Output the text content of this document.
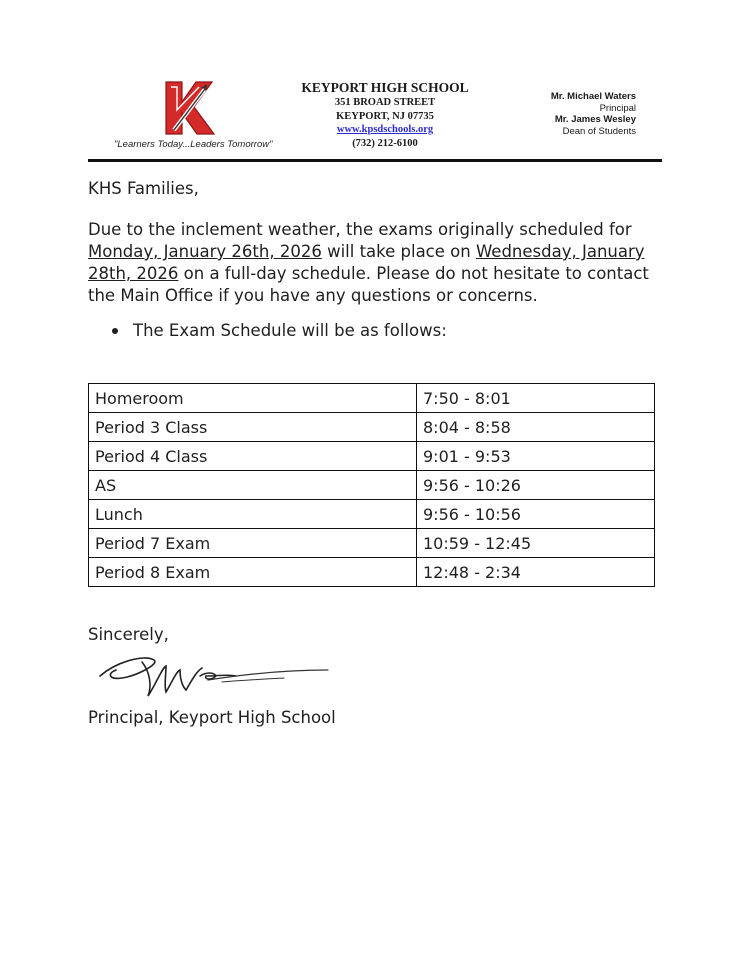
K
"Learners Today...Leaders Tomorrow"
KEYPORT HIGH SCHOOL
351 BROAD STREET
KEYPORT, NJ 07735
www.kpsdschools.org
(732) 212-6100
Mr. Michael Waters
Principal
Mr. James Wesley
Dean of Students
KHS Families,
Due to the inclement weather, the exams originally scheduled for Monday, January 26th, 2026 will take place on Wednesday, January 28th, 2026 on a full-day schedule. Please do not hesitate to contact the Main Office if you have any questions or concerns.
The Exam Schedule will be as follows:
Homeroom	7:50 - 8:01
Period 3 Class	8:04 - 8:58
Period 4 Class	9:01 - 9:53
AS	9:56 - 10:26
Lunch	9:56 - 10:56
Period 7 Exam	10:59 - 12:45
Period 8 Exam	12:48 - 2:34
Sincerely,
Principal, Keyport High School
